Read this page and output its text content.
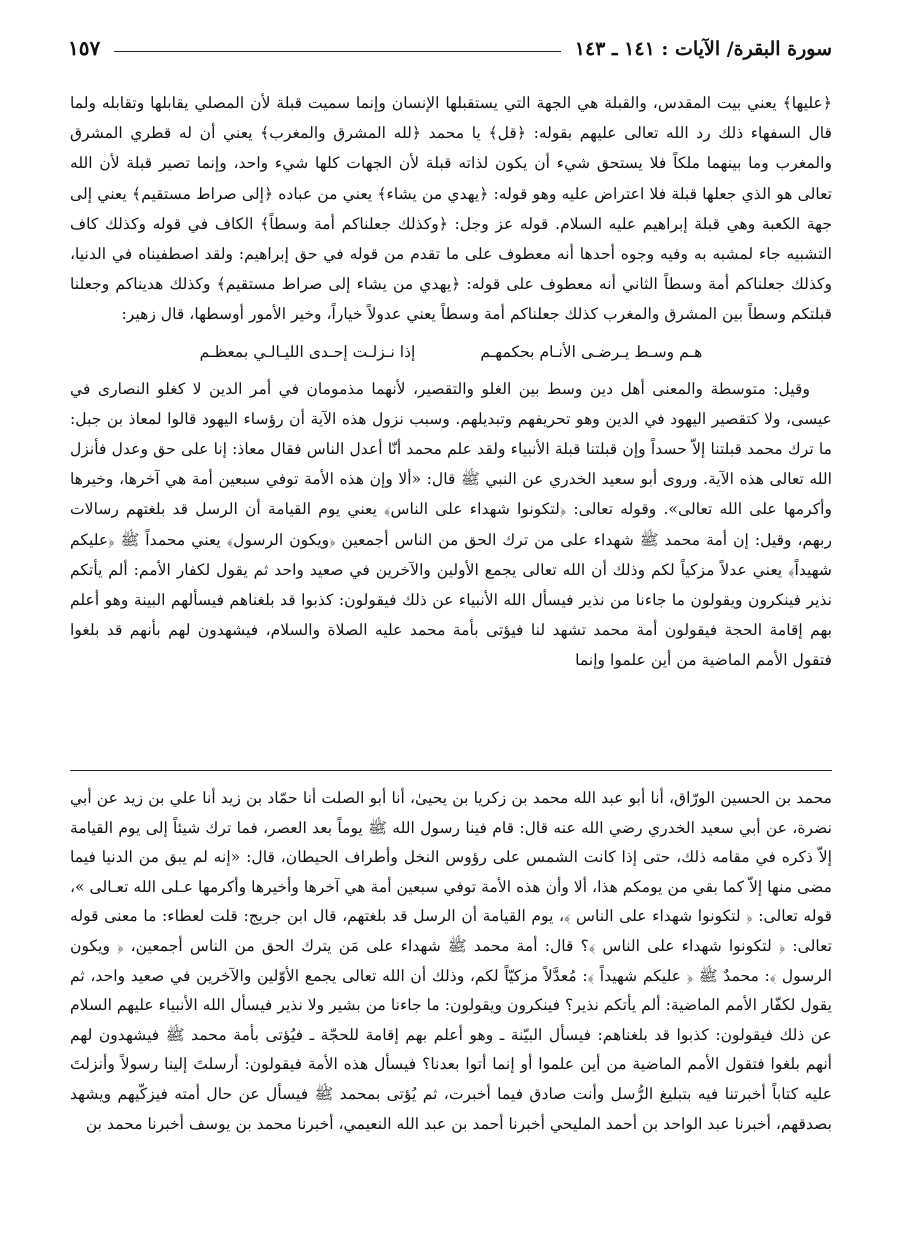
سورة البقرة/ الآيات : ١٤١ ـ ١٤٣
١٥٧

﴿عليها﴾ يعني بيت المقدس، والقبلة هي الجهة التي يستقبلها الإنسان وإنما سميت قبلة لأن المصلي يقابلها وتقابله ولما قال السفهاء ذلك رد الله تعالى عليهم بقوله: ﴿قل﴾ يا محمد ﴿لله المشرق والمغرب﴾ يعني أن له قطري المشرق والمغرب وما بينهما ملكاً فلا يستحق شيء أن يكون لذاته قبلة لأن الجهات كلها شيء واحد، وإنما تصير قبلة لأن الله تعالى هو الذي جعلها قبلة فلا اعتراض عليه وهو قوله: ﴿يهدي من يشاء﴾ يعني من عباده ﴿إلى صراط مستقيم﴾ يعني إلى جهة الكعبة وهي قبلة إبراهيم عليه السلام. قوله عز وجل: ﴿وكذلك جعلناكم أمة وسطاً﴾ الكاف في قوله وكذلك كاف التشبيه جاء لمشبه به وفيه وجوه أحدها أنه معطوف على ما تقدم من قوله في حق إبراهيم: ولقد اصطفيناه في الدنيا، وكذلك جعلناكم أمة وسطاً الثاني أنه معطوف على قوله: ﴿يهدي من يشاء إلى صراط مستقيم﴾ وكذلك هديناكم وجعلنا قبلتكم وسطاً بين المشرق والمغرب كذلك جعلناكم أمة وسطاً يعني عدولاً خياراً، وخير الأمور أوسطها، قال زهير:

هـم وسـط يـرضـى الأنـام بحكمهـم إذا نـزلـت إحـدى الليـالـي بمعظـم

وقيل: متوسطة والمعنى أهل دين وسط بين الغلو والتقصير، لأنهما مذمومان في أمر الدين لا كغلو النصارى في عيسى، ولا كتقصير اليهود في الدين وهو تحريفهم وتبديلهم. وسبب نزول هذه الآية أن رؤساء اليهود قالوا لمعاذ بن جبل: ما ترك محمد قبلتنا إلاّ حسداً وإن قبلتنا قبلة الأنبياء ولقد علم محمد أنّا أعدل الناس فقال معاذ: إنا على حق وعدل فأنزل الله تعالى هذه الآية. وروى أبو سعيد الخدري عن النبي ﷺ قال: «ألا وإن هذه الأمة توفي سبعين أمة هي آخرها، وخيرها وأكرمها على الله تعالى». وقوله تعالى: ﴿لتكونوا شهداء على الناس﴾ يعني يوم القيامة أن الرسل قد بلغتهم رسالات ربهم، وقيل: إن أمة محمد ﷺ شهداء على من ترك الحق من الناس أجمعين ﴿ويكون الرسول﴾ يعني محمداً ﷺ ﴿عليكم شهيداً﴾ يعني عدلاً مزكياً لكم وذلك أن الله تعالى يجمع الأولين والآخرين في صعيد واحد ثم يقول لكفار الأمم: ألم يأتكم نذير فينكرون ويقولون ما جاءنا من نذير فيسأل الله الأنبياء عن ذلك فيقولون: كذبوا قد بلغناهم فيسألهم البينة وهو أعلم بهم إقامة الحجة فيقولون أمة محمد تشهد لنا فيؤتى بأمة محمد عليه الصلاة والسلام، فيشهدون لهم بأنهم قد بلغوا فتقول الأمم الماضية من أين علموا وإنما

محمد بن الحسين الورّاق، أنا أبو عبد الله محمد بن زكريا بن يحيىٰ، أنا أبو الصلت أنا حمّاد بن زيد أنا علي بن زيد عن أبي نضرة، عن أبي سعيد الخدري رضي الله عنه قال: قام فينا رسول الله ﷺ يوماً بعد العصر، فما ترك شيئاً إلى يوم القيامة إلاّ ذكره في مقامه ذلك، حتى إذا كانت الشمس على رؤوس النخل وأطراف الحيطان، قال: «إنه لم يبق من الدنيا فيما مضى منها إلاّ كما بقي من يومكم هذا، ألا وأن هذه الأمة توفي سبعين أمة هي آخرها وأخيرها وأكرمها عـلى الله تعـالى »، قوله تعالى: ﴿ لتكونوا شهداء على الناس ﴾، يوم القيامة أن الرسل قد بلغتهم، قال ابن جريج: قلت لعطاء: ما معنى قوله تعالى: ﴿ لتكونوا شهداء على الناس ﴾؟ قال: أمة محمد ﷺ شهداء على مَن يترك الحق من الناس أجمعين، ﴿ ويكون الرسول ﴾: محمدٌ ﷺ ﴿ عليكم شهيداً ﴾: مُعدَّلاً مزكيّاً لكم، وذلك أن الله تعالى يجمع الأوّلين والآخرين في صعيد واحد، ثم يقول لكفّار الأمم الماضية: ألم يأتكم نذير؟ فينكرون ويقولون: ما جاءنا من بشير ولا نذير فيسأل الله الأنبياء عليهم السلام عن ذلك فيقولون: كذبوا قد بلغناهم: فيسأل البيّنة ـ وهو أعلم بهم إقامة للحجّة ـ فيُؤتى بأمة محمد ﷺ فيشهدون لهم أنهم بلغوا فتقول الأمم الماضية من أين علموا أو إنما أتوا بعدنا؟ فيسأل هذه الأمة فيقولون: أرسلتَ إلينا رسولاً وأنزلتَ عليه كتاباً أخبرتنا فيه بتبليغ الرُّسل وأنت صادق فيما أخبرت، ثم يُؤتى بمحمد ﷺ فيسأل عن حال أمته فيزكّيهم ويشهد بصدقهم، أخبرنا عبد الواحد بن أحمد المليحي أخبرنا أحمد بن عبد الله النعيمي، أخبرنا محمد بن يوسف أخبرنا محمد بن
